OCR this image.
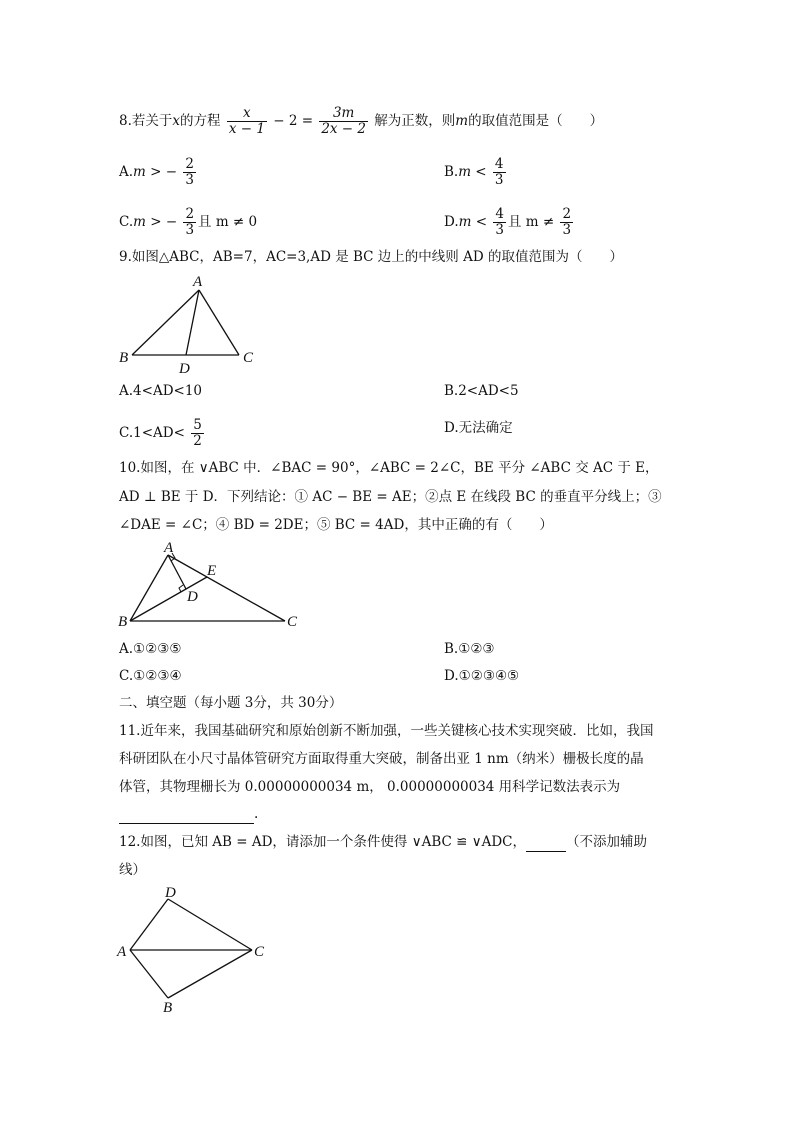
8.若关于x的方程 $\frac{x}{x - 1} - 2 = \frac{3m}{2x - 2}$ 解为正数，则m的取值范围是（　　）
A.m > − $\frac{2}{3}$	$B.m < \frac{4}{3}$
C.m > − $\frac{2}{3}$ 且 m ≠ 0	$D.m < \frac{4}{3}$ 且 $m \ne \frac{2}{3}$
9.如图△ABC，AB=7，AC=3,AD 是 BC 边上的中线则 AD 的取值范围为（　　）
A
B	C
D
A.4<AD<10	B.2<AD<5
$C.1<AD< \frac{5}{2}$	D.无法确定
10.如图，在 ∨ABC 中．∠BAC = 90°，∠ABC = 2∠C，BE 平分 ∠ABC 交 AC 于 E，
AD ⊥ BE 于 D．下列结论：① AC − BE = AE；②点 E 在线段 BC 的垂直平分线上；③
∠DAE = ∠C；④ BD = 2DE；⑤ BC = 4AD，其中正确的有（　　）
A
B	C
D
E
A.①②③⑤	B.①②③
C.①②③④	D.①②③④⑤
二、填空题（每小题 3分，共 30分）
11.近年来，我国基础研究和原始创新不断加强，一些关键核心技术实现突破．比如，我国
科研团队在小尺寸晶体管研究方面取得重大突破，制备出亚 1 nm（纳米）栅极长度的晶
体管，其物理栅长为 0.00000000034 m， 0.00000000034 用科学记数法表示为
.
12.如图，已知 AB = AD，请添加一个条件使得 ∨ABC ≌ ∨ADC，	（不添加辅助
线）
D
A	C
B
